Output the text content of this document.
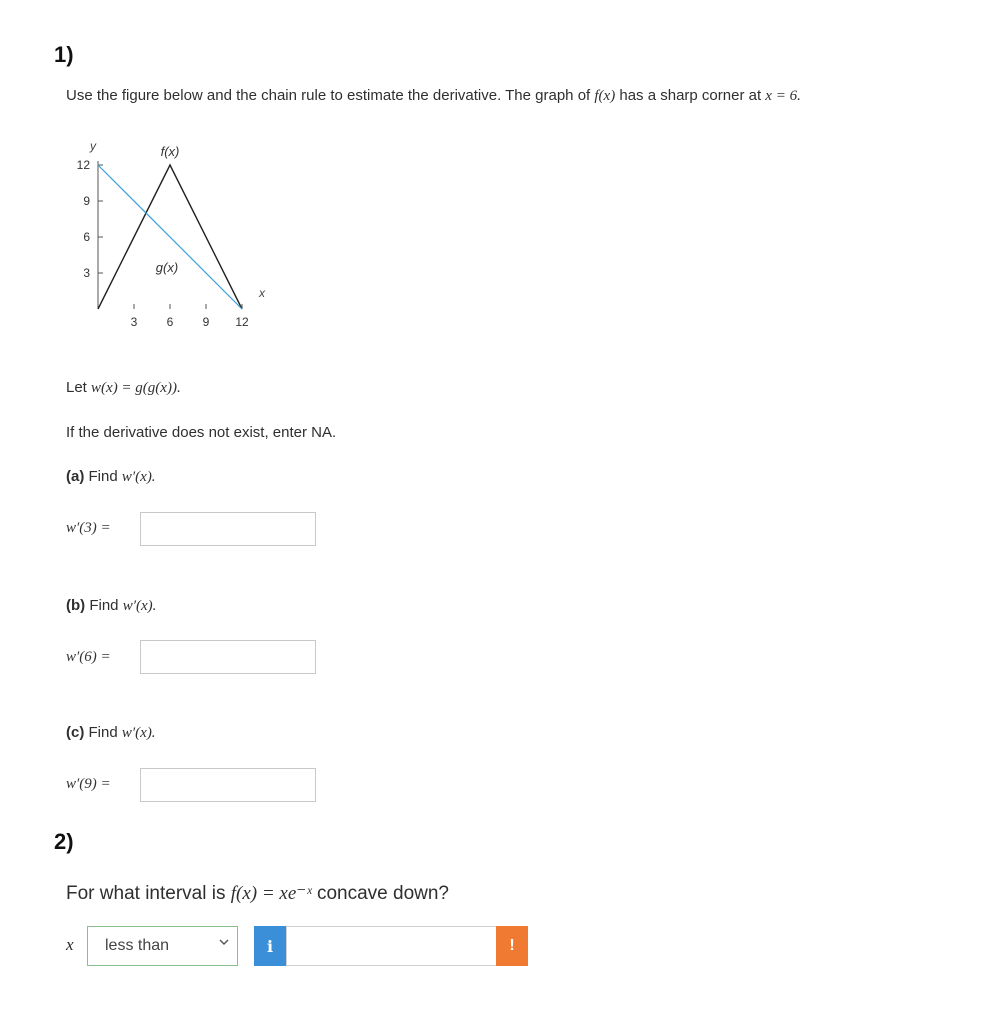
1)
Use the figure below and the chain rule to estimate the derivative. The graph of f(x) has a sharp corner at x = 6.
y
x
3
6
9
12
3 6 9 12
f(x)
g(x)
Let w(x) = g(g(x)).
If the derivative does not exist, enter NA.
(a) Find w′(x).
w′(3) =
(b) Find w′(x).
w′(6) =
(c) Find w′(x).
w′(9) =
2)
For what interval is f(x) = xe⁻ˣ concave down?
x less than	i	!
